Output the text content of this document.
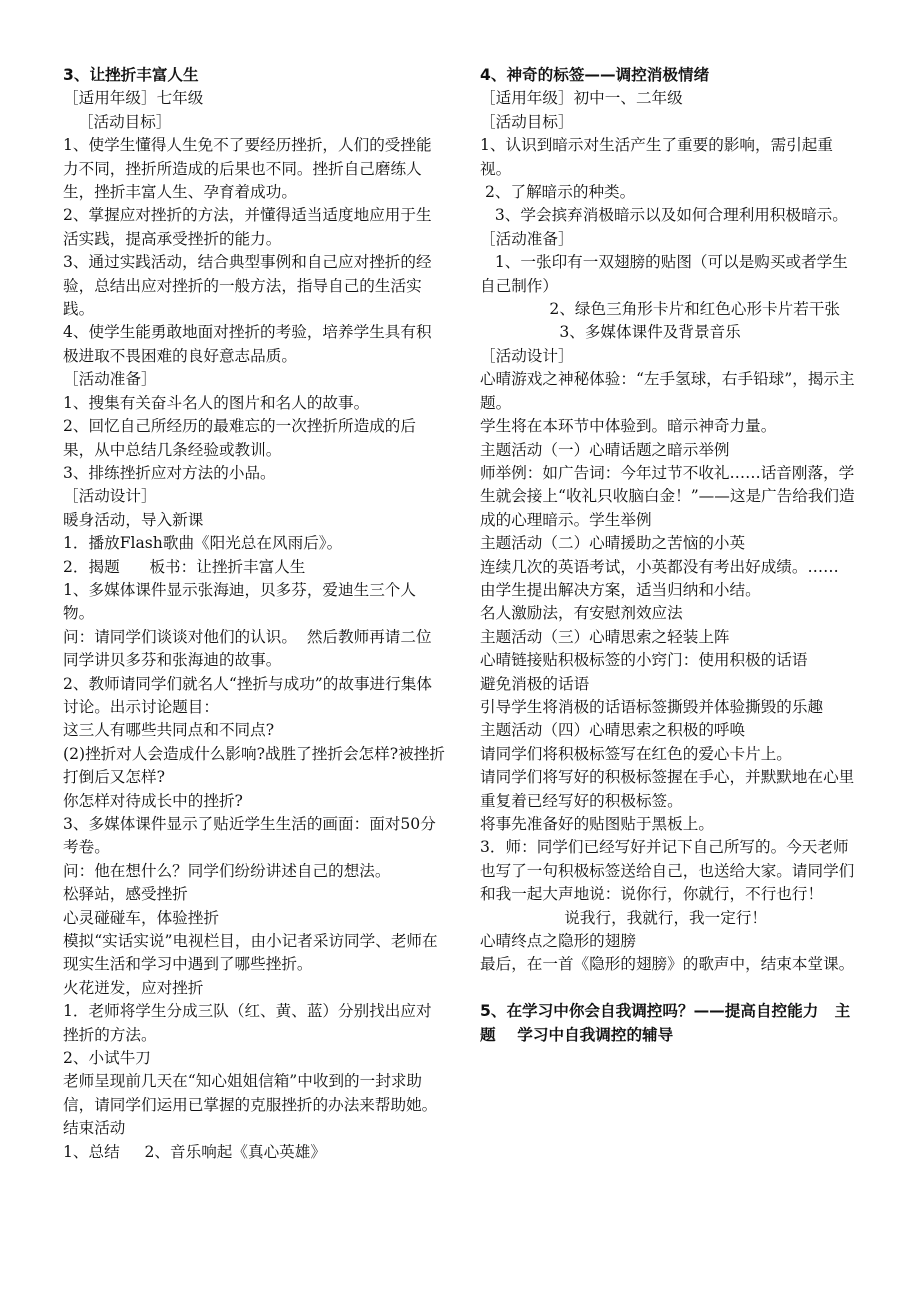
3、让挫折丰富人生

［适用年级］七年级

［活动目标］

1、使学生懂得人生免不了要经历挫折，人们的受挫能力不同，挫折所造成的后果也不同。挫折自己磨练人生，挫折丰富人生、孕育着成功。

2、掌握应对挫折的方法，并懂得适当适度地应用于生活实践，提高承受挫折的能力。

3、通过实践活动，结合典型事例和自己应对挫折的经验，总结出应对挫折的一般方法，指导自己的生活实践。

4、使学生能勇敢地面对挫折的考验，培养学生具有积极进取不畏困难的良好意志品质。

［活动准备］

1、搜集有关奋斗名人的图片和名人的故事。

2、回忆自己所经历的最难忘的一次挫折所造成的后果，从中总结几条经验或教训。

3、排练挫折应对方法的小品。

［活动设计］

暖身活动，导入新课

1．播放Flash歌曲《阳光总在风雨后》。

2．揭题      板书：让挫折丰富人生

1、多媒体课件显示张海迪，贝多芬，爱迪生三个人物。

问：请同学们谈谈对他们的认识。  然后教师再请二位同学讲贝多芬和张海迪的故事。

2、教师请同学们就名人“挫折与成功”的故事进行集体讨论。出示讨论题目：

这三人有哪些共同点和不同点?

(2)挫折对人会造成什么影响?战胜了挫折会怎样?被挫折打倒后又怎样?

你怎样对待成长中的挫折?

3、多媒体课件显示了贴近学生生活的画面：面对50分考卷。

问：他在想什么？同学们纷纷讲述自己的想法。

松驿站，感受挫折

心灵碰碰车，体验挫折

模拟“实话实说”电视栏目，由小记者采访同学、老师在现实生活和学习中遇到了哪些挫折。

火花迸发，应对挫折

1．老师将学生分成三队（红、黄、蓝）分别找出应对挫折的方法。

2、小试牛刀

老师呈现前几天在“知心姐姐信箱”中收到的一封求助信，请同学们运用已掌握的克服挫折的办法来帮助她。

结束活动

1、总结     2、音乐响起《真心英雄》

4、神奇的标签——调控消极情绪

［适用年级］初中一、二年级

［活动目标］

1、认识到暗示对生活产生了重要的影响，需引起重视。

2、了解暗示的种类。

3、学会摈弃消极暗示以及如何合理利用积极暗示。

［活动准备］

1、一张印有一双翅膀的贴图（可以是购买或者学生自己制作）

2、绿色三角形卡片和红色心形卡片若干张

3、多媒体课件及背景音乐

［活动设计］

心晴游戏之神秘体验：“左手氢球，右手铅球”，揭示主题。

学生将在本环节中体验到。暗示神奇力量。

主题活动（一）心晴话题之暗示举例

师举例：如广告词：今年过节不收礼……话音刚落，学生就会接上“收礼只收脑白金！”——这是广告给我们造成的心理暗示。学生举例

主题活动（二）心晴援助之苦恼的小英

连续几次的英语考试，小英都没有考出好成绩。……

由学生提出解决方案，适当归纳和小结。

名人激励法，有安慰剂效应法

主题活动（三）心晴思索之轻装上阵

心晴链接贴积极标签的小窍门：使用积极的话语            避免消极的话语

引导学生将消极的话语标签撕毁并体验撕毁的乐趣

主题活动（四）心晴思索之积极的呼唤

请同学们将积极标签写在红色的爱心卡片上。

请同学们将写好的积极标签握在手心，并默默地在心里重复着已经写好的积极标签。

将事先准备好的贴图贴于黑板上。

3．师：同学们已经写好并记下自己所写的。今天老师也写了一句积极标签送给自己，也送给大家。请同学们和我一起大声地说：说你行，你就行，不行也行！

说我行，我就行，我一定行！

心晴终点之隐形的翅膀

最后，在一首《隐形的翅膀》的歌声中，结束本堂课。

5、在学习中你会自我调控吗？——提高自控能力   主题    学习中自我调控的辅导
